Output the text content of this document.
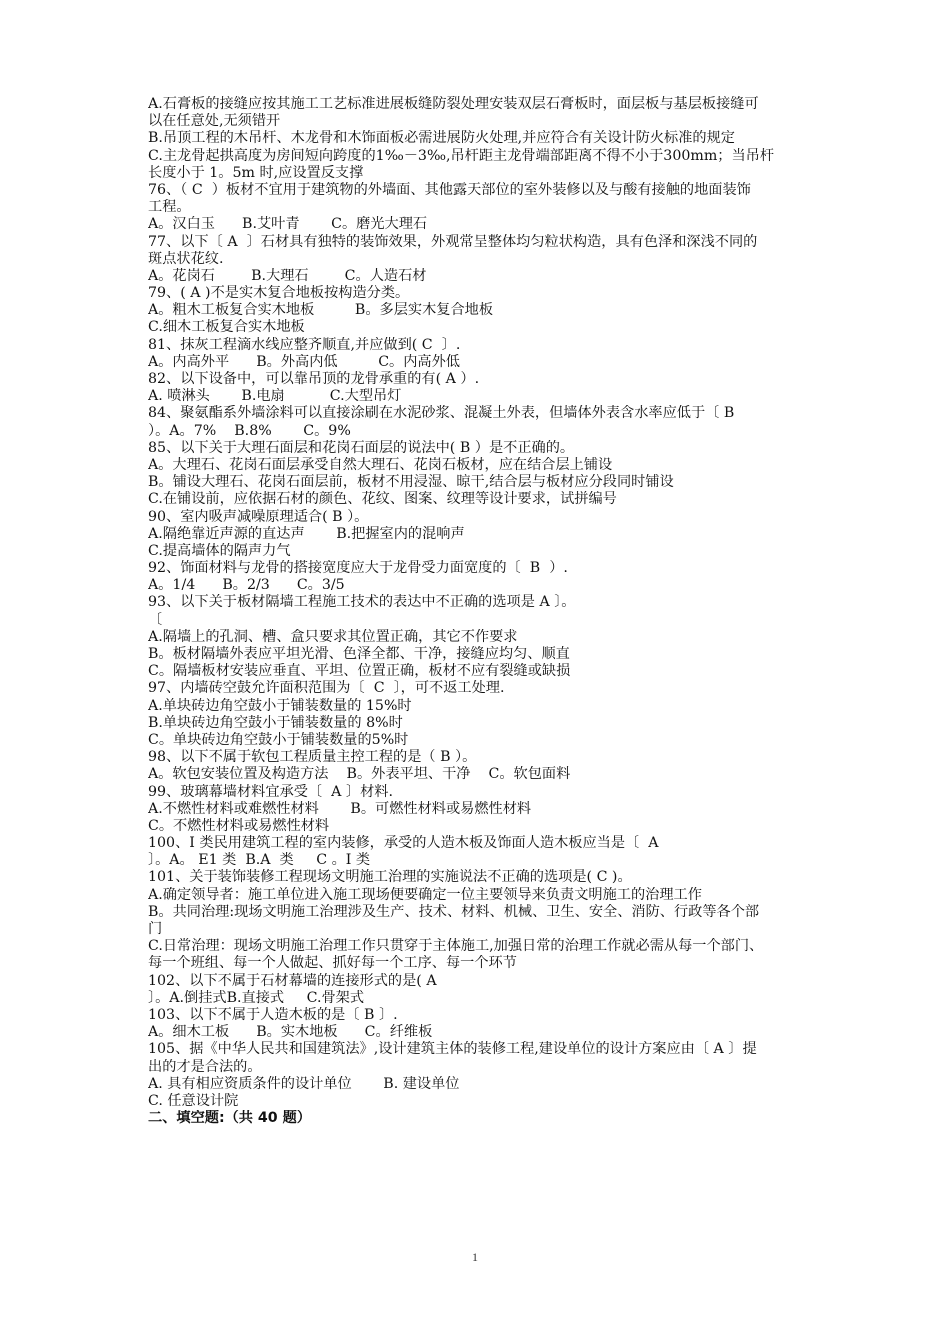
A.石膏板的接缝应按其施工工艺标准进展板缝防裂处理安装双层石膏板时，面层板与基层板接缝可
以在任意处,无须错开
B.吊顶工程的木吊杆、木龙骨和木饰面板必需进展防火处理,并应符合有关设计防火标准的规定
C.主龙骨起拱高度为房间短向跨度的1‰－3‰,吊杆距主龙骨端部距离不得不小于300mm；当吊杆
长度小于 1。5m 时,应设置反支撑
76、（ C  ）板材不宜用于建筑物的外墙面、其他露天部位的室外装修以及与酸有接触的地面装饰
工程。
A。汉白玉      B.艾叶青       C。磨光大理石
77、以下〔 A  〕石材具有独特的装饰效果，外观常呈整体均匀粒状构造，具有色泽和深浅不同的
斑点状花纹.
A。花岗石        B.大理石        C。人造石材
79、( A )不是实木复合地板按构造分类。
A。粗木工板复合实木地板         B。多层实木复合地板
C.细木工板复合实木地板
81、抹灰工程滴水线应整齐顺直,并应做到( C  〕.
A。内高外平      B。外高内低         C。内高外低
82、以下设备中，可以靠吊顶的龙骨承重的有( A ）.
A. 喷淋头       B.电扇          C.大型吊灯
84、聚氨酯系外墙涂料可以直接涂刷在水泥砂浆、混凝土外表，但墙体外表含水率应低于〔 B
）。A。7%    B.8%       C。9%
85、以下关于大理石面层和花岗石面层的说法中( B ）是不正确的。
A。大理石、花岗石面层承受自然大理石、花岗石板材，应在结合层上铺设
B。铺设大理石、花岗石面层前，板材不用浸湿、晾干,结合层与板材应分段同时铺设
C.在铺设前，应依据石材的颜色、花纹、图案、纹理等设计要求，试拼编号
90、室内吸声减噪原理适合( B ）。
A.隔绝靠近声源的直达声       B.把握室内的混响声
C.提高墙体的隔声力气
92、饰面材料与龙骨的搭接宽度应大于龙骨受力面宽度的〔  B  ）.
A。1/4      B。2/3      C。3/5
93、以下关于板材隔墙工程施工技术的表达中不正确的选项是 A 〕。
〔
A.隔墙上的孔洞、槽、盒只要求其位置正确，其它不作要求
B。板材隔墙外表应平坦光滑、色泽全都、干净，接缝应均匀、顺直
C。隔墙板材安装应垂直、平坦、位置正确，板材不应有裂缝或缺损
97、内墙砖空鼓允许面积范围为〔  C  〕，可不返工处理.
A.单块砖边角空鼓小于铺装数量的 15%时
B.单块砖边角空鼓小于铺装数量的 8%时
C。单块砖边角空鼓小于铺装数量的5%时
98、以下不属于软包工程质量主控工程的是（ B ）。
A。软包安装位置及构造方法    B。外表平坦、干净    C。软包面料
99、玻璃幕墙材料宜承受〔  A 〕材料.
A.不燃性材料或难燃性材料       B。可燃性材料或易燃性材料
C。不燃性材料或易燃性材料
100、I 类民用建筑工程的室内装修，承受的人造木板及饰面人造木板应当是〔  A
〕。A。 E1 类  B.A  类     C 。I 类
101、关于装饰装修工程现场文明施工治理的实施说法不正确的选项是( C )。
A.确定领导者：施工单位进入施工现场便要确定一位主要领导来负责文明施工的治理工作
B。共同治理:现场文明施工治理涉及生产、技术、材料、机械、卫生、安全、消防、行政等各个部
门
C.日常治理：现场文明施工治理工作只贯穿于主体施工,加强日常的治理工作就必需从每一个部门、
每一个班组、每一个人做起、抓好每一个工序、每一个环节
102、以下不属于石材幕墙的连接形式的是( A
〕。A.倒挂式B.直接式     C.骨架式
103、以下不属于人造木板的是〔 B 〕.
A。细木工板      B。实木地板      C。纤维板
105、据《中华人民共和国建筑法》,设计建筑主体的装修工程,建设单位的设计方案应由〔 A 〕提
出的才是合法的。
A. 具有相应资质条件的设计单位       B. 建设单位
C. 任意设计院
二、填空题:（共 40 题）
1
